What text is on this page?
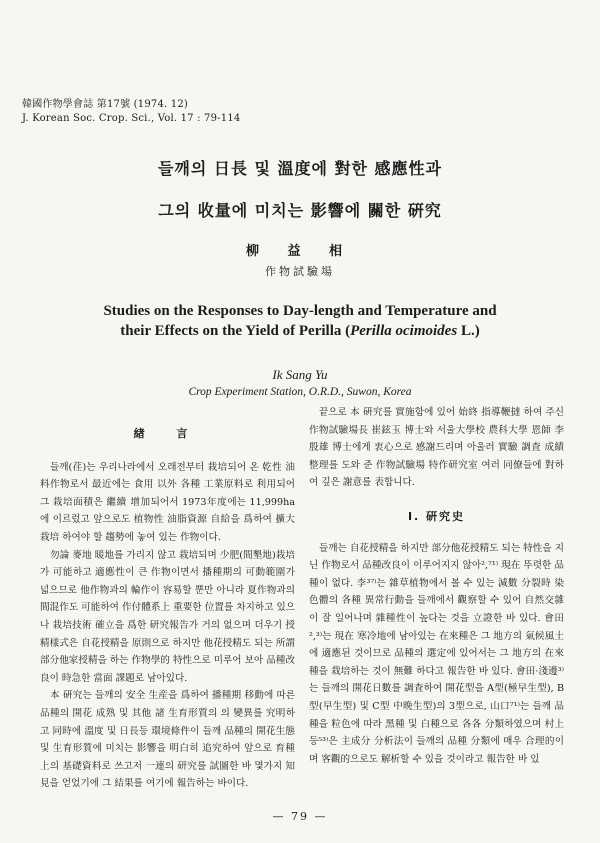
韓國作物學會誌 第17號 (1974. 12)
J. Korean Soc. Crop. Sci., Vol. 17 : 79-114
들깨의 日長 및 溫度에 對한 感應性과
그의 收量에 미치는 影響에 關한 硏究
柳 益 相
作物試驗場
Studies on the Responses to Day-length and Temperature and
their Effects on the Yield of Perilla (Perilla ocimoides L.)
Ik Sang Yu
Crop Experiment Station, O.R.D., Suwon, Korea
緖 言

들깨(荏)는 우리나라에서 오래전부터 栽培되어 온 乾性 油料作物로서 最近에는 食用 以外 各種 工業原料로 利用되어 그 栽培面積은 繼續 增加되어서 1973年度에는 11,999ha에 이르렀고 앞으로도 植物性 油脂資源 自給을 爲하여 擴大 栽培 하여야 할 趨勢에 놓여 있는 作物이다.

勿論 麥地 暖地를 가리지 않고 栽培되며 少肥(間墾地)栽培가 可能하고 適應性이 큰 作物이면서 播種期의 可動範圍가 넓으므로 他作物과의 輪作이 容易할 뿐만 아니라 夏作物과의 間混作도 可能하여 作付體系上 重要한 位置를 차지하고 있으나 栽培技術 確立을 爲한 研究報告가 거의 없으며 더우기 授精樣式은 自花授精을 原則으로 하지만 他花授精도 되는 所謂 部分他家授精을 하는 作物學的 特性으로 미루어 보아 品種改良이 時急한 當面 課題로 남아있다.

本 硏究는 들깨의 安全 生産을 爲하여 播種期 移動에 따른 品種의 開花 成熟 및 其他 諸 生育形質의 의 變異를 究明하고 同時에 溫度 및 日長등 環境條件이 들깨 品種의 開花生態 및 生育形質에 미치는 影響을 明白히 追究하여 앞으로 育種上의 基礎資料로 쓰고저 一連의 研究를 試圖한 바 몇가지 知見을 얻었기에 그 結果를 여기에 報告하는 바이다.

끝으로 本 硏究를 實施함에 있어 始終 指導鞭撻 하여 주신 作物試驗場長 崔鉉玉 博士와 서울大學校 農科大學 恩師 李殷雄 博士에게 衷心으로 感謝드리며 아울러 實驗 調査 成績 整理를 도와 준 作物試驗場 特作研究室 여러 同僚들에 對하여 깊은 謝意를 表합니다.

I. 硏究史

들깨는 自花授精을 하지만 部分他花授精도 되는 特性을 지닌 作物로서 品種改良이 이루어지지 않아²,⁷¹⁾ 現在 뚜렷한 品種이 없다. 李³⁷⁾는 雜草植物에서 볼 수 있는 減數 分裂時 染色體의 各種 異常行動을 들깨에서 觀察할 수 있어 自然交雜이 잘 일어나며 雜種性이 높다는 것을 立證한 바 있다. 會田²,³⁾는 現在 寒冷地에 남아있는 在來種은 그 地方의 氣候風土에 適應된 것이므로 品種의 選定에 있어서는 그 地方의 在來種을 栽培하는 것이 無難 하다고 報告한 바 있다. 會田·淺邊³⁾는 들깨의 開花日數를 調査하여 開花型을 A型(極早生型), B型(早生型) 및 C型 中晩生型)의 3型으로, 山口⁷¹⁾는 들깨 品種을 粒色에 따라 黑種 및 白種으로 各各 分類하였으며 村上등⁵³⁾은 主成分 分析法이 들깨의 品種 分類에 매우 合理的이며 客觀的으로도 解析할 수 있을 것이라고 報告한 바 있

— 79 —
